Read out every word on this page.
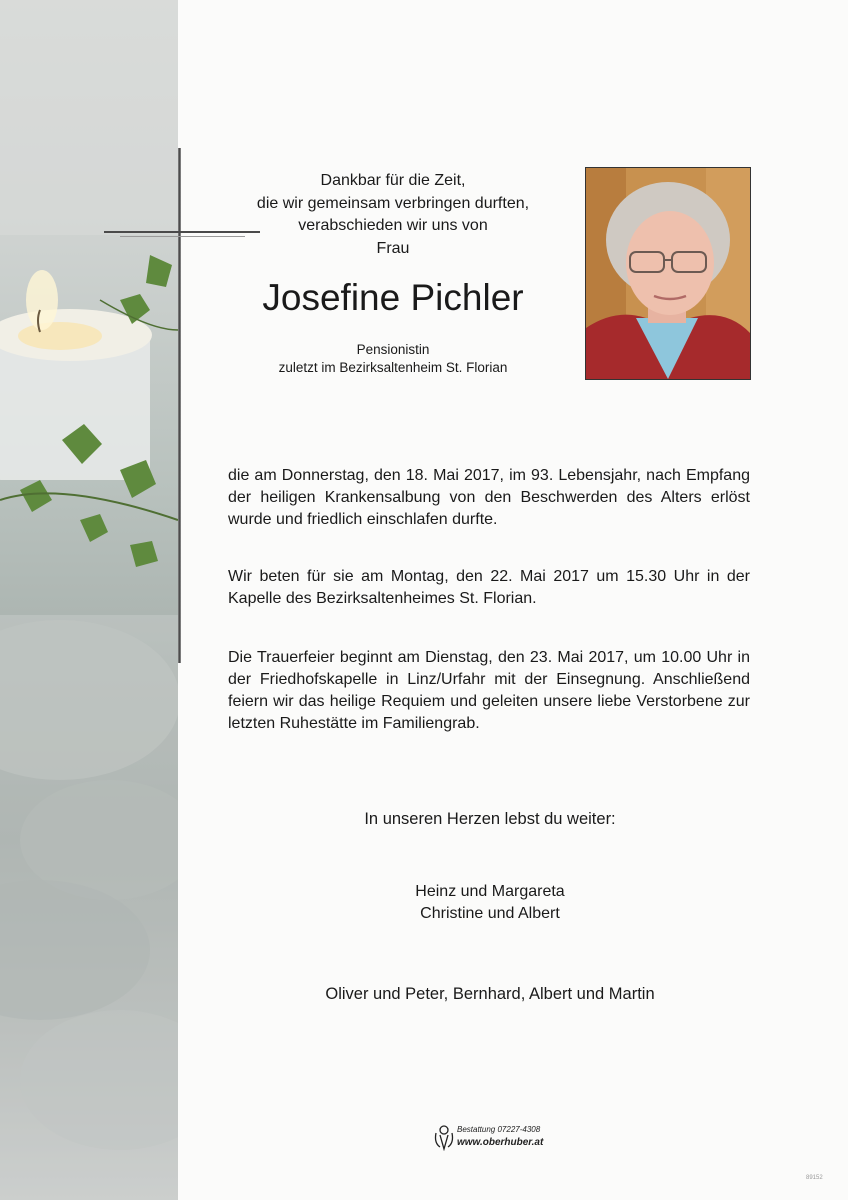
Dankbar für die Zeit,
die wir gemeinsam verbringen durften,
verabschieden wir uns von
Frau
Josefine Pichler
Pensionistin
zuletzt im Bezirksaltenheim St. Florian
die am Donnerstag, den 18. Mai 2017, im 93. Lebensjahr, nach Empfang der heiligen Krankensalbung von den Beschwerden des Alters erlöst wurde und friedlich einschlafen durfte.
Wir beten für sie am Montag, den 22. Mai 2017 um 15.30 Uhr in der Kapelle des Bezirksaltenheimes St. Florian.
Die Trauerfeier beginnt am Dienstag, den 23. Mai 2017, um 10.00 Uhr in der Friedhofskapelle in Linz/Urfahr mit der Einsegnung. Anschließend feiern wir das heilige Requiem und geleiten unsere liebe Verstorbene zur letzten Ruhestätte im Familiengrab.
In unseren Herzen lebst du weiter:
Heinz und Margareta
Christine und Albert
Oliver und Peter, Bernhard, Albert und Martin
Bestattung 07227-4308
www.oberhuber.at
89152
